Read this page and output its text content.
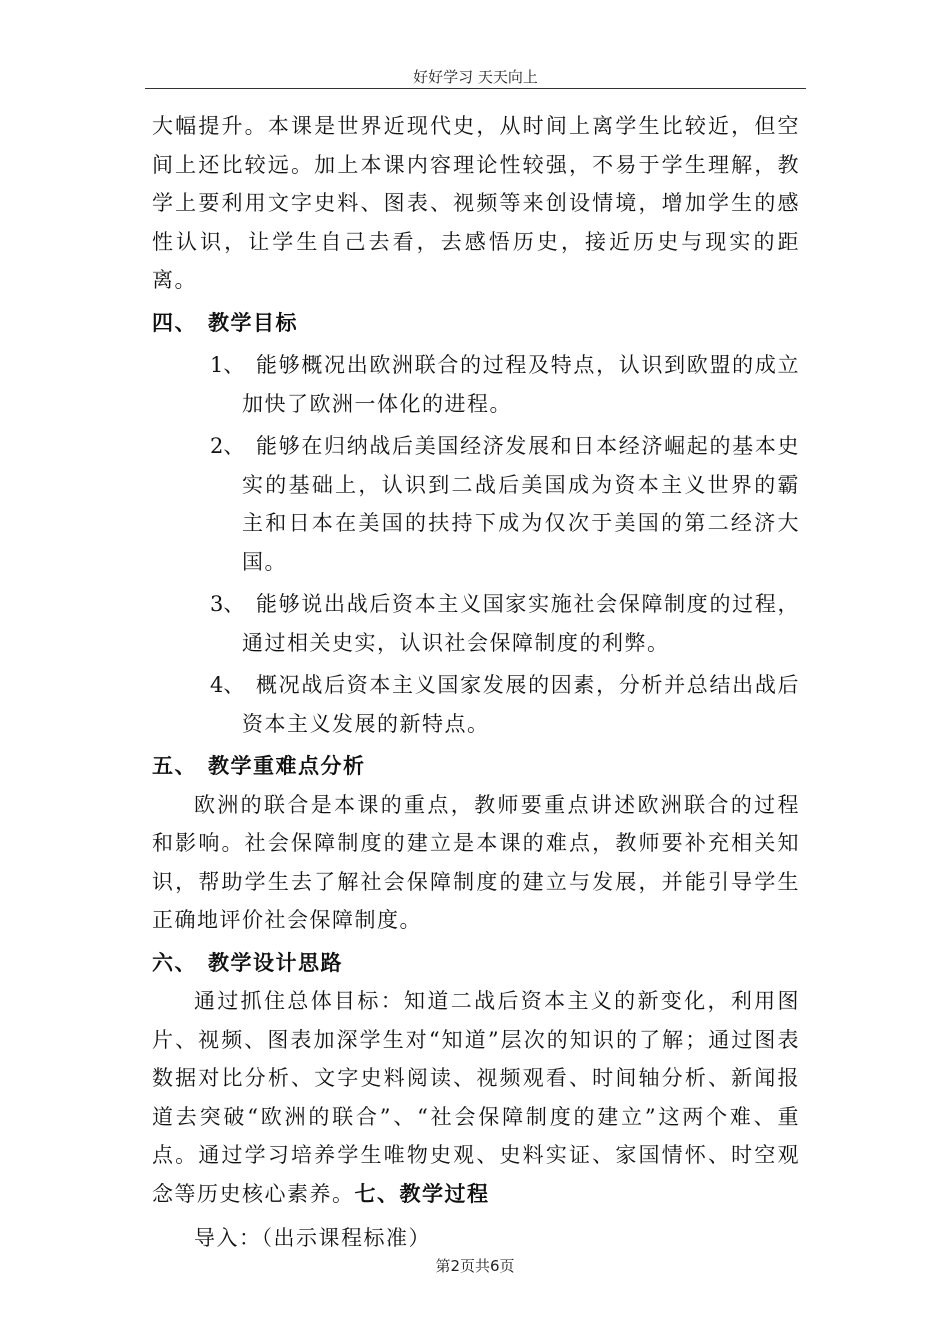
好好学习 天天向上

大幅提升。本课是世界近现代史，从时间上离学生比较近，但空间上还比较远。加上本课内容理论性较强，不易于学生理解，教学上要利用文字史料、图表、视频等来创设情境，增加学生的感性认识，让学生自己去看，去感悟历史，接近历史与现实的距离。

四、 教学目标

1、 能够概况出欧洲联合的过程及特点，认识到欧盟的成立加快了欧洲一体化的进程。

2、 能够在归纳战后美国经济发展和日本经济崛起的基本史实的基础上，认识到二战后美国成为资本主义世界的霸主和日本在美国的扶持下成为仅次于美国的第二经济大国。

3、 能够说出战后资本主义国家实施社会保障制度的过程，通过相关史实，认识社会保障制度的利弊。

4、 概况战后资本主义国家发展的因素，分析并总结出战后资本主义发展的新特点。

五、 教学重难点分析

欧洲的联合是本课的重点，教师要重点讲述欧洲联合的过程和影响。社会保障制度的建立是本课的难点，教师要补充相关知识，帮助学生去了解社会保障制度的建立与发展，并能引导学生正确地评价社会保障制度。

六、 教学设计思路

通过抓住总体目标：知道二战后资本主义的新变化，利用图片、视频、图表加深学生对“知道”层次的知识的了解；通过图表数据对比分析、文字史料阅读、视频观看、时间轴分析、新闻报道去突破“欧洲的联合”、“社会保障制度的建立”这两个难、重点。通过学习培养学生唯物史观、史料实证、家国情怀、时空观念等历史核心素养。七、教学过程

导入：（出示课程标准）

第2页共6页
